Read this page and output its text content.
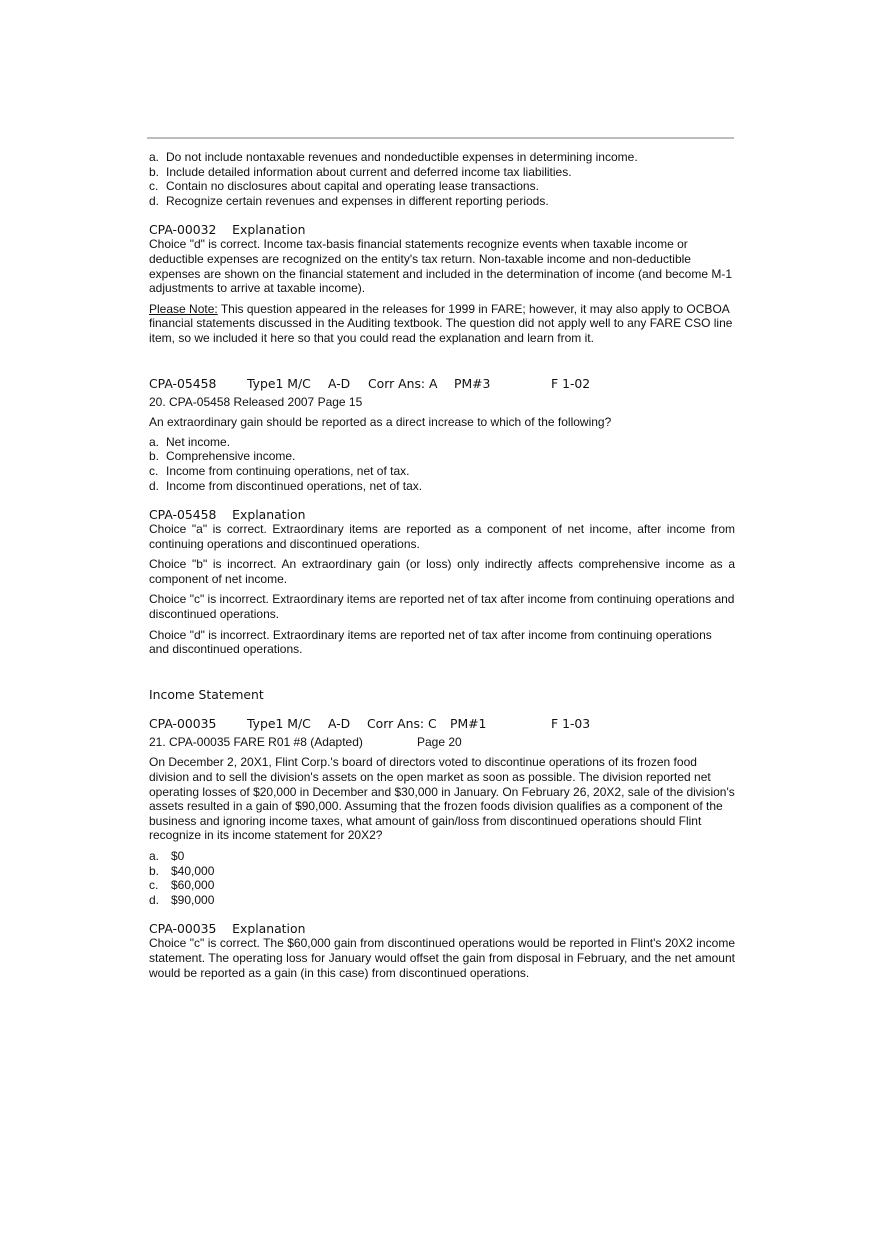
a. Do not include nontaxable revenues and nondeductible expenses in determining income.
b. Include detailed information about current and deferred income tax liabilities.
c. Contain no disclosures about capital and operating lease transactions.
d. Recognize certain revenues and expenses in different reporting periods.
CPA-00032    Explanation

Choice "d" is correct. Income tax-basis financial statements recognize events when taxable income or deductible expenses are recognized on the entity's tax return. Non-taxable income and non-deductible expenses are shown on the financial statement and included in the determination of income (and become M-1 adjustments to arrive at taxable income).

Please Note: This question appeared in the releases for 1999 in FARE; however, it may also apply to OCBOA financial statements discussed in the Auditing textbook. The question did not apply well to any FARE CSO line item, so we included it here so that you could read the explanation and learn from it.

CPA-05458	Type1 M/C	A-D	Corr Ans: A	PM#3	F 1-02

20. CPA-05458 Released 2007 Page 15

An extraordinary gain should be reported as a direct increase to which of the following?

a. Net income.
b. Comprehensive income.
c. Income from continuing operations, net of tax.
d. Income from discontinued operations, net of tax.
CPA-05458    Explanation

Choice "a" is correct. Extraordinary items are reported as a component of net income, after income from continuing operations and discontinued operations.

Choice "b" is incorrect. An extraordinary gain (or loss) only indirectly affects comprehensive income as a component of net income.

Choice "c" is incorrect. Extraordinary items are reported net of tax after income from continuing operations and discontinued operations.

Choice "d" is incorrect. Extraordinary items are reported net of tax after income from continuing operations and discontinued operations.

Income Statement
CPA-00035	Type1 M/C	A-D	Corr Ans: C	PM#1	F 1-03
21. CPA-00035 FARE R01 #8 (Adapted)	Page 20

On December 2, 20X1, Flint Corp.'s board of directors voted to discontinue operations of its frozen food division and to sell the division's assets on the open market as soon as possible. The division reported net operating losses of $20,000 in December and $30,000 in January. On February 26, 20X2, sale of the division's assets resulted in a gain of $90,000. Assuming that the frozen foods division qualifies as a component of the business and ignoring income taxes, what amount of gain/loss from discontinued operations should Flint recognize in its income statement for 20X2?

a. $0
b. $40,000
c.	$60,000
d. $90,000
CPA-00035    Explanation

Choice "c" is correct. The $60,000 gain from discontinued operations would be reported in Flint's 20X2 income statement. The operating loss for January would offset the gain from disposal in February, and the net amount would be reported as a gain (in this case) from discontinued operations.
